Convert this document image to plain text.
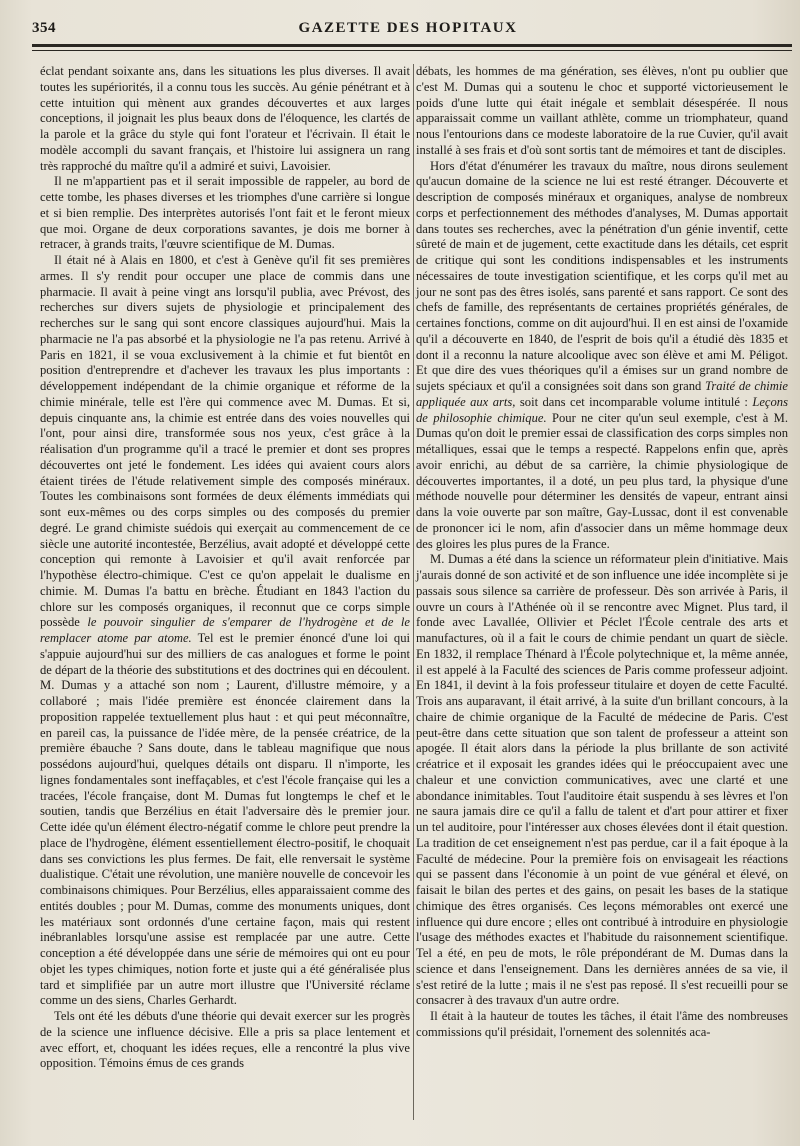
354	GAZETTE DES HOPITAUX

éclat pendant soixante ans, dans les situations les plus diverses. Il avait toutes les supériorités, il a connu tous les succès. Au génie pénétrant et à cette intuition qui mènent aux grandes découvertes et aux larges conceptions, il joignait les plus beaux dons de l'éloquence, les clartés de la parole et la grâce du style qui font l'orateur et l'écrivain. Il était le modèle accompli du savant français, et l'histoire lui assignera un rang très rapproché du maître qu'il a admiré et suivi, Lavoisier.

Il ne m'appartient pas et il serait impossible de rappeler, au bord de cette tombe, les phases diverses et les triomphes d'une carrière si longue et si bien remplie. Des interprètes autorisés l'ont fait et le feront mieux que moi. Organe de deux corporations savantes, je dois me borner à retracer, à grands traits, l'œuvre scientifique de M. Dumas.

Il était né à Alais en 1800, et c'est à Genève qu'il fit ses premières armes. Il s'y rendit pour occuper une place de commis dans une pharmacie. Il avait à peine vingt ans lorsqu'il publia, avec Prévost, des recherches sur divers sujets de physiologie et principalement des recherches sur le sang qui sont encore classiques aujourd'hui. Mais la pharmacie ne l'a pas absorbé et la physiologie ne l'a pas retenu. Arrivé à Paris en 1821, il se voua exclusivement à la chimie et fut bientôt en position d'entreprendre et d'achever les travaux les plus importants : développement indépendant de la chimie organique et réforme de la chimie minérale, telle est l'ère qui commence avec M. Dumas. Et si, depuis cinquante ans, la chimie est entrée dans des voies nouvelles qui l'ont, pour ainsi dire, transformée sous nos yeux, c'est grâce à la réalisation d'un programme qu'il a tracé le premier et dont ses propres découvertes ont jeté le fondement. Les idées qui avaient cours alors étaient tirées de l'étude relativement simple des composés minéraux. Toutes les combinaisons sont formées de deux éléments immédiats qui sont eux-mêmes ou des corps simples ou des composés du premier degré. Le grand chimiste suédois qui exerçait au commencement de ce siècle une autorité incontestée, Berzélius, avait adopté et développé cette conception qui remonte à Lavoisier et qu'il avait renforcée par l'hypothèse électro-chimique. C'est ce qu'on appelait le dualisme en chimie. M. Dumas l'a battu en brèche. Étudiant en 1843 l'action du chlore sur les composés organiques, il reconnut que ce corps simple possède le pouvoir singulier de s'emparer de l'hydrogène et de le remplacer atome par atome. Tel est le premier énoncé d'une loi qui s'appuie aujourd'hui sur des milliers de cas analogues et forme le point de départ de la théorie des substitutions et des doctrines qui en découlent. M. Dumas y a attaché son nom ; Laurent, d'illustre mémoire, y a collaboré ; mais l'idée première est énoncée clairement dans la proposition rappelée textuellement plus haut : et qui peut méconnaître, en pareil cas, la puissance de l'idée mère, de la pensée créatrice, de la première ébauche ? Sans doute, dans le tableau magnifique que nous possédons aujourd'hui, quelques détails ont disparu. Il n'importe, les lignes fondamentales sont ineffaçables, et c'est l'école française qui les a tracées, l'école française, dont M. Dumas fut longtemps le chef et le soutien, tandis que Berzélius en était l'adversaire dès le premier jour. Cette idée qu'un élément électro-négatif comme le chlore peut prendre la place de l'hydrogène, élément essentiellement électro-positif, le choquait dans ses convictions les plus fermes. De fait, elle renversait le système dualistique. C'était une révolution, une manière nouvelle de concevoir les combinaisons chimiques. Pour Berzélius, elles apparaissaient comme des entités doubles ; pour M. Dumas, comme des monuments uniques, dont les matériaux sont ordonnés d'une certaine façon, mais qui restent inébranlables lorsqu'une assise est remplacée par une autre. Cette conception a été développée dans une série de mémoires qui ont eu pour objet les types chimiques, notion forte et juste qui a été généralisée plus tard et simplifiée par un autre mort illustre que l'Université réclame comme un des siens, Charles Gerhardt.

Tels ont été les débuts d'une théorie qui devait exercer sur les progrès de la science une influence décisive. Elle a pris sa place lentement et avec effort, et, choquant les idées reçues, elle a rencontré la plus vive opposition. Témoins émus de ces grands

débats, les hommes de ma génération, ses élèves, n'ont pu oublier que c'est M. Dumas qui a soutenu le choc et supporté victorieusement le poids d'une lutte qui était inégale et semblait désespérée. Il nous apparaissait comme un vaillant athlète, comme un triomphateur, quand nous l'entourions dans ce modeste laboratoire de la rue Cuvier, qu'il avait installé à ses frais et d'où sont sortis tant de mémoires et tant de disciples.

Hors d'état d'énumérer les travaux du maître, nous dirons seulement qu'aucun domaine de la science ne lui est resté étranger. Découverte et description de composés minéraux et organiques, analyse de nombreux corps et perfectionnement des méthodes d'analyses, M. Dumas apportait dans toutes ses recherches, avec la pénétration d'un génie inventif, cette sûreté de main et de jugement, cette exactitude dans les détails, cet esprit de critique qui sont les conditions indispensables et les instruments nécessaires de toute investigation scientifique, et les corps qu'il met au jour ne sont pas des êtres isolés, sans parenté et sans rapport. Ce sont des chefs de famille, des représentants de certaines propriétés générales, de certaines fonctions, comme on dit aujourd'hui. Il en est ainsi de l'oxamide qu'il a découverte en 1840, de l'esprit de bois qu'il a étudié dès 1835 et dont il a reconnu la nature alcoolique avec son élève et ami M. Péligot. Et que dire des vues théoriques qu'il a émises sur un grand nombre de sujets spéciaux et qu'il a consignées soit dans son grand Traité de chimie appliquée aux arts, soit dans cet incomparable volume intitulé : Leçons de philosophie chimique. Pour ne citer qu'un seul exemple, c'est à M. Dumas qu'on doit le premier essai de classification des corps simples non métalliques, essai que le temps a respecté. Rappelons enfin que, après avoir enrichi, au début de sa carrière, la chimie physiologique de découvertes importantes, il a doté, un peu plus tard, la physique d'une méthode nouvelle pour déterminer les densités de vapeur, entrant ainsi dans la voie ouverte par son maître, Gay-Lussac, dont il est convenable de prononcer ici le nom, afin d'associer dans un même hommage deux des gloires les plus pures de la France.

M. Dumas a été dans la science un réformateur plein d'initiative. Mais j'aurais donné de son activité et de son influence une idée incomplète si je passais sous silence sa carrière de professeur. Dès son arrivée à Paris, il ouvre un cours à l'Athénée où il se rencontre avec Mignet. Plus tard, il fonde avec Lavallée, Ollivier et Péclet l'École centrale des arts et manufactures, où il a fait le cours de chimie pendant un quart de siècle. En 1832, il remplace Thénard à l'École polytechnique et, la même année, il est appelé à la Faculté des sciences de Paris comme professeur adjoint. En 1841, il devint à la fois professeur titulaire et doyen de cette Faculté. Trois ans auparavant, il était arrivé, à la suite d'un brillant concours, à la chaire de chimie organique de la Faculté de médecine de Paris. C'est peut-être dans cette situation que son talent de professeur a atteint son apogée. Il était alors dans la période la plus brillante de son activité créatrice et il exposait les grandes idées qui le préoccupaient avec une chaleur et une conviction communicatives, avec une clarté et une abondance inimitables. Tout l'auditoire était suspendu à ses lèvres et l'on ne saura jamais dire ce qu'il a fallu de talent et d'art pour attirer et fixer un tel auditoire, pour l'intéresser aux choses élevées dont il était question. La tradition de cet enseignement n'est pas perdue, car il a fait époque à la Faculté de médecine. Pour la première fois on envisageait les réactions qui se passent dans l'économie à un point de vue général et élevé, on faisait le bilan des pertes et des gains, on pesait les bases de la statique chimique des êtres organisés. Ces leçons mémorables ont exercé une influence qui dure encore ; elles ont contribué à introduire en physiologie l'usage des méthodes exactes et l'habitude du raisonnement scientifique. Tel a été, en peu de mots, le rôle prépondérant de M. Dumas dans la science et dans l'enseignement. Dans les dernières années de sa vie, il s'est retiré de la lutte ; mais il ne s'est pas reposé. Il s'est recueilli pour se consacrer à des travaux d'un autre ordre.

Il était à la hauteur de toutes les tâches, il était l'âme des nombreuses commissions qu'il présidait, l'ornement des solennités aca-
